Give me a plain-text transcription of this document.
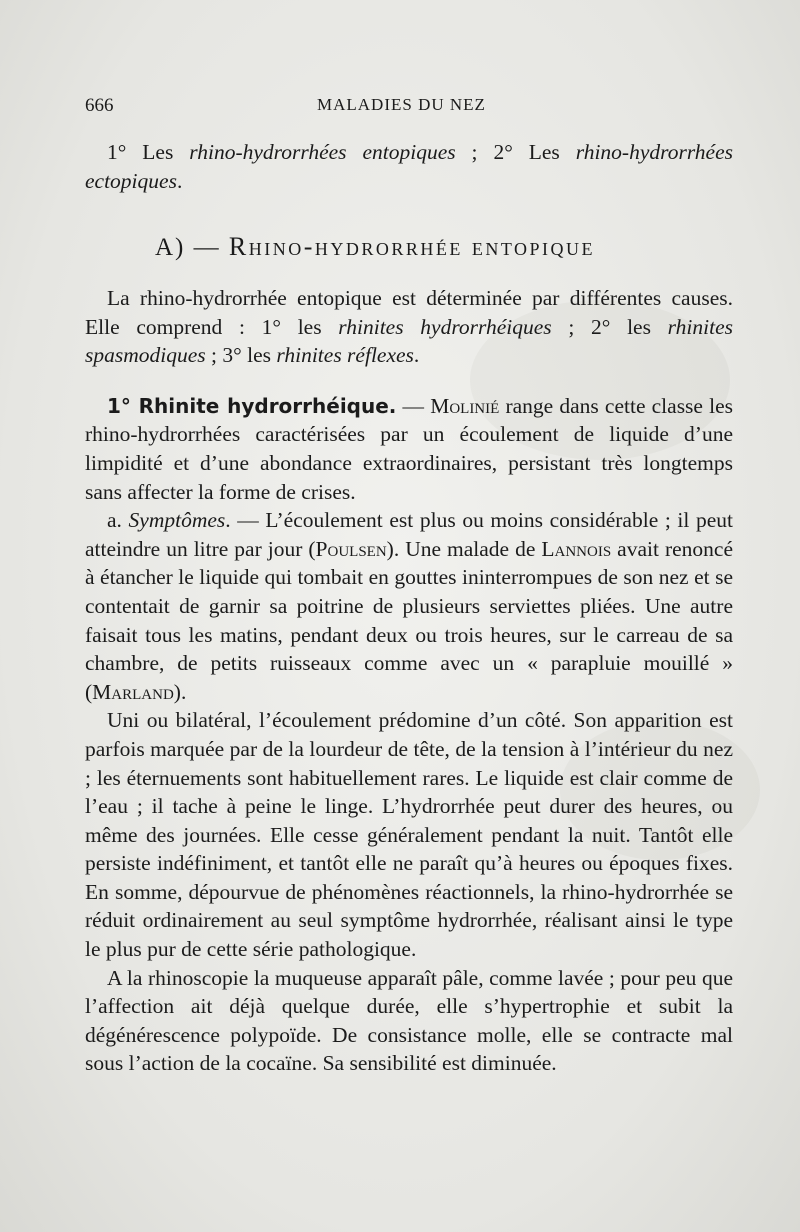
666	MALADIES DU NEZ

1° Les rhino-hydrorrhées entopiques ; 2° Les rhino-hydrorrhées ectopiques.

A) — Rhino-hydrorrhée entopique

La rhino-hydrorrhée entopique est déterminée par différentes causes. Elle comprend : 1° les rhinites hydrorrhéiques ; 2° les rhinites spasmodiques ; 3° les rhinites réflexes.

1° Rhinite hydrorrhéique. — Molinié range dans cette classe les rhino-hydrorrhées caractérisées par un écoulement de liquide d’une limpidité et d’une abondance extraordinaires, persistant très longtemps sans affecter la forme de crises.

a. Symptômes. — L’écoulement est plus ou moins considérable ; il peut atteindre un litre par jour (Poulsen). Une malade de Lannois avait renoncé à étancher le liquide qui tombait en gouttes ininterrompues de son nez et se contentait de garnir sa poitrine de plusieurs serviettes pliées. Une autre faisait tous les matins, pendant deux ou trois heures, sur le carreau de sa chambre, de petits ruisseaux comme avec un « parapluie mouillé » (Marland).

Uni ou bilatéral, l’écoulement prédomine d’un côté. Son apparition est parfois marquée par de la lourdeur de tête, de la tension à l’intérieur du nez ; les éternuements sont habituellement rares. Le liquide est clair comme de l’eau ; il tache à peine le linge. L’hydrorrhée peut durer des heures, ou même des journées. Elle cesse généralement pendant la nuit. Tantôt elle persiste indéfiniment, et tantôt elle ne paraît qu’à heures ou époques fixes. En somme, dépourvue de phénomènes réactionnels, la rhino-hydrorrhée se réduit ordinairement au seul symptôme hydrorrhée, réalisant ainsi le type le plus pur de cette série pathologique.

A la rhinoscopie la muqueuse apparaît pâle, comme lavée ; pour peu que l’affection ait déjà quelque durée, elle s’hypertrophie et subit la dégénérescence polypoïde. De consistance molle, elle se contracte mal sous l’action de la cocaïne. Sa sensibilité est diminuée.
